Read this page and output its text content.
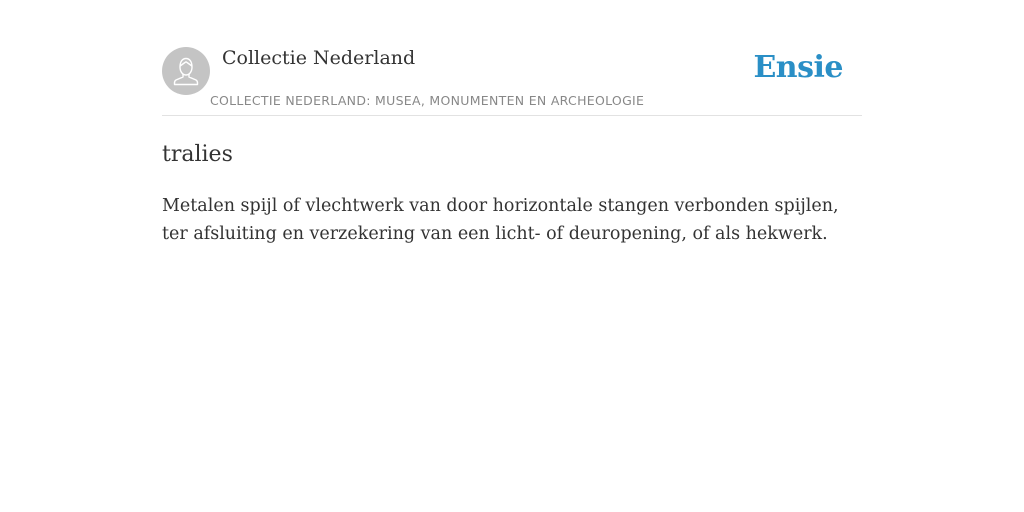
Collectie Nederland
COLLECTIE NEDERLAND: MUSEA, MONUMENTEN EN ARCHEOLOGIE
Ensie
tralies

Metalen spijl of vlechtwerk van door horizontale stangen verbonden spijlen, ter afsluiting en verzekering van een licht- of deuropening, of als hekwerk.
